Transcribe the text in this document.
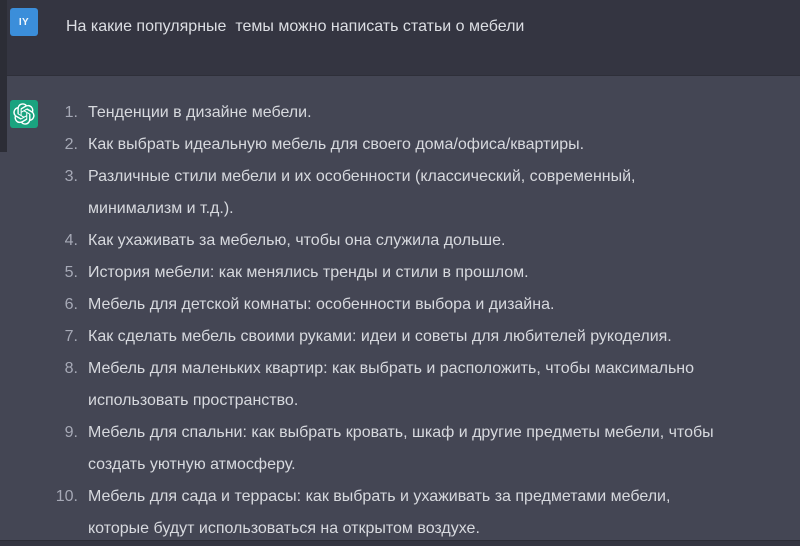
IY На какие популярные  темы можно написать статьи о мебели
1. Тенденции в дизайне мебели.
2. Как выбрать идеальную мебель для своего дома/офиса/квартиры.
3. Различные стили мебели и их особенности (классический, современный,
минимализм и т.д.).
4. Как ухаживать за мебелью, чтобы она служила дольше.
5. История мебели: как менялись тренды и стили в прошлом.
6. Мебель для детской комнаты: особенности выбора и дизайна.
7. Как сделать мебель своими руками: идеи и советы для любителей рукоделия.
8. Мебель для маленьких квартир: как выбрать и расположить, чтобы максимально
использовать пространство.
9. Мебель для спальни: как выбрать кровать, шкаф и другие предметы мебели, чтобы
создать уютную атмосферу.
10. Мебель для сада и террасы: как выбрать и ухаживать за предметами мебели,
которые будут использоваться на открытом воздухе.
